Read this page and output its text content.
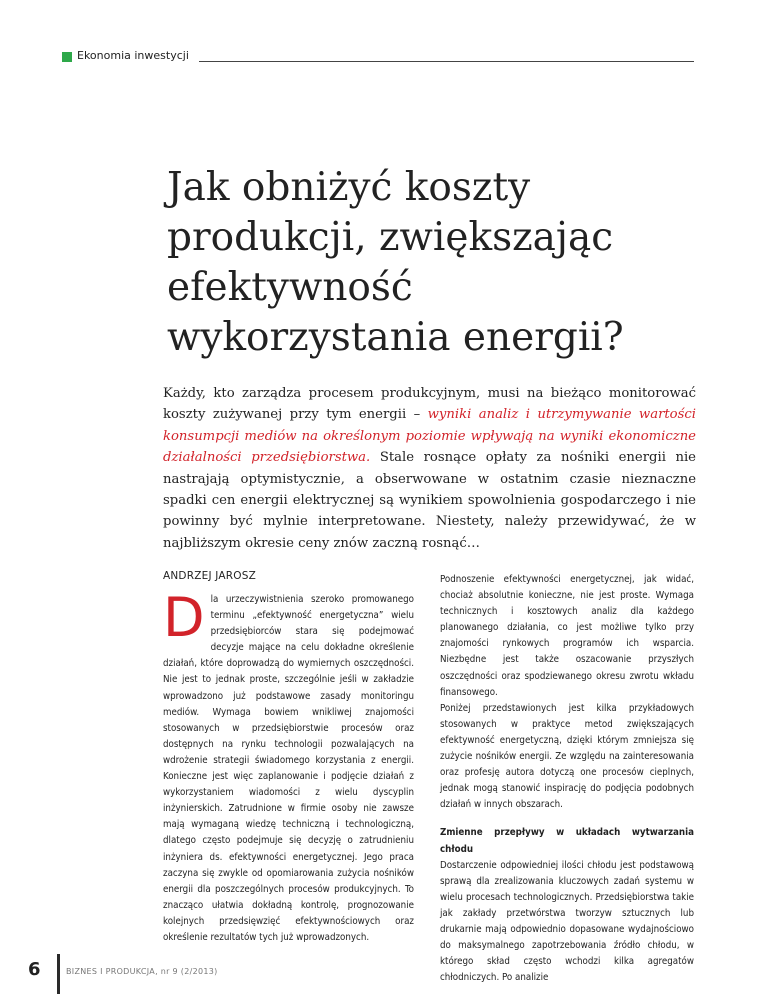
Ekonomia inwestycji
Jak obniżyć koszty produkcji, zwiększając efektywność wykorzystania energii?

Każdy, kto zarządza procesem produkcyjnym, musi na bieżąco monitorować koszty zużywanej przy tym energii – wyniki analiz i utrzymywanie wartości konsumpcji mediów na określonym poziomie wpływają na wyniki ekonomiczne działalności przedsiębiorstwa. Stale rosnące opłaty za nośniki energii nie nastrajają optymistycznie, a obserwowane w ostatnim czasie nieznaczne spadki cen energii elektrycznej są wynikiem spowolnienia gospodarczego i nie powinny być mylnie interpretowane. Niestety, należy przewidywać, że w najbliższym okresie ceny znów zaczną rosnąć…

ANDRZEJ JAROSZ

Dla urzeczywistnienia szeroko promowanego terminu „efektywność energetyczna” wielu przedsiębiorców stara się podejmować decyzje mające na celu dokładne określenie działań, które doprowadzą do wymiernych oszczędności. Nie jest to jednak proste, szczególnie jeśli w zakładzie wprowadzono już podstawowe zasady monitoringu mediów. Wymaga bowiem wnikliwej znajomości stosowanych w przedsiębiorstwie procesów oraz dostępnych na rynku technologii pozwalających na wdrożenie strategii świadomego korzystania z energii. Konieczne jest więc zaplanowanie i podjęcie działań z wykorzystaniem wiadomości z wielu dyscyplin inżynierskich. Zatrudnione w firmie osoby nie zawsze mają wymaganą wiedzę techniczną i technologiczną, dlatego często podejmuje się decyzję o zatrudnieniu inżyniera ds. efektywności energetycznej. Jego praca zaczyna się zwykle od opomiarowania zużycia nośników energii dla poszczególnych procesów produkcyjnych. To znacząco ułatwia dokładną kontrolę, prognozowanie kolejnych przedsięwzięć efektywnościowych oraz określenie rezultatów tych już wprowadzonych.

Podnoszenie efektywności energetycznej, jak widać, chociaż absolutnie konieczne, nie jest proste. Wymaga technicznych i kosztowych analiz dla każdego planowanego działania, co jest możliwe tylko przy znajomości rynkowych programów ich wsparcia. Niezbędne jest także oszacowanie przyszłych oszczędności oraz spodziewanego okresu zwrotu wkładu finansowego.

Poniżej przedstawionych jest kilka przykładowych stosowanych w praktyce metod zwiększających efektywność energetyczną, dzięki którym zmniejsza się zużycie nośników energii. Ze względu na zainteresowania oraz profesję autora dotyczą one procesów cieplnych, jednak mogą stanowić inspirację do podjęcia podobnych działań w innych obszarach.

Zmienne przepływy w układach wytwarzania chłodu

Dostarczenie odpowiedniej ilości chłodu jest podstawową sprawą dla zrealizowania kluczowych zadań systemu w wielu procesach technologicznych. Przedsiębiorstwa takie jak zakłady przetwórstwa tworzyw sztucznych lub drukarnie mają odpowiednio dopasowane wydajnościowo do maksymalnego zapotrzebowania źródło chłodu, w którego skład często wchodzi kilka agregatów chłodniczych. Po analizie

6	BIZNES I PRODUKCJA, nr 9 (2/2013)
